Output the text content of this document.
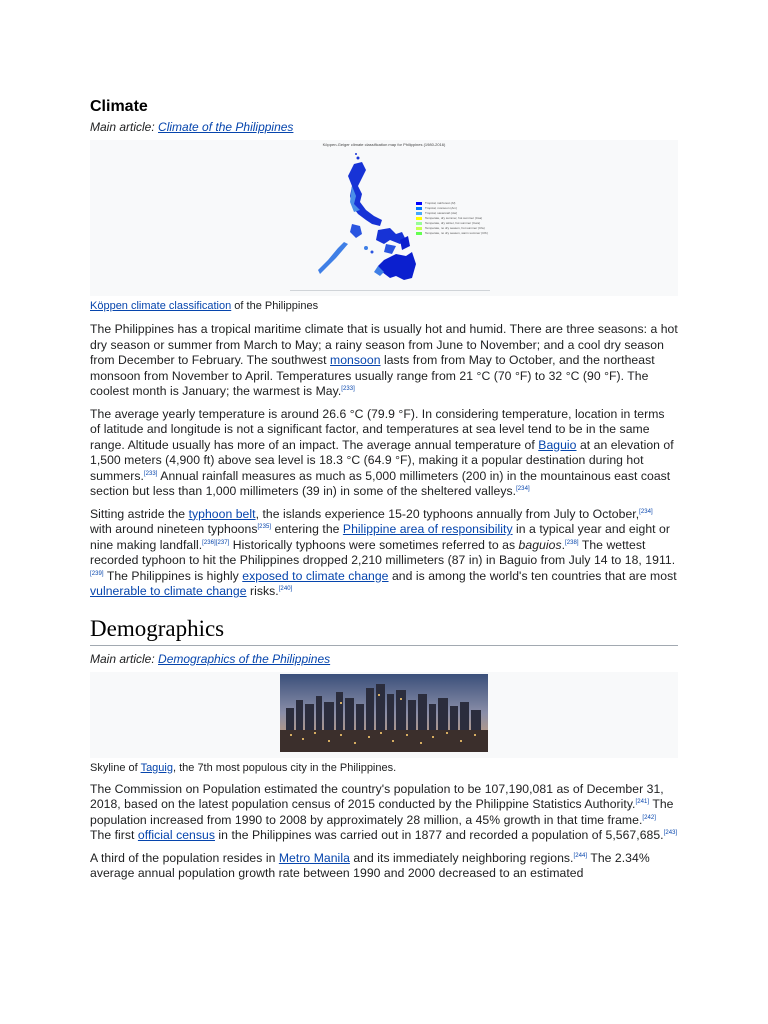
Climate
Main article: Climate of the Philippines
Köppen-Geiger climate classification map for Philippines (1980-2016)
Tropical, rainforest (Af)
Tropical, monsoon (Am)
Tropical, savannah (Aw)
Temperate, dry summer, hot summer (Csa)
Temperate, dry winter, hot summer (Cwa)
Temperate, no dry season, hot summer (Cfa)
Temperate, no dry season, warm summer (Cfb)
Köppen climate classification of the Philippines

The Philippines has a tropical maritime climate that is usually hot and humid. There are three seasons: a hot dry season or summer from March to May; a rainy season from June to November; and a cool dry season from December to February. The southwest monsoon lasts from from May to October, and the northeast monsoon from November to April. Temperatures usually range from 21 °C (70 °F) to 32 °C (90 °F). The coolest month is January; the warmest is May.[233]

The average yearly temperature is around 26.6 °C (79.9 °F). In considering temperature, location in terms of latitude and longitude is not a significant factor, and temperatures at sea level tend to be in the same range. Altitude usually has more of an impact. The average annual temperature of Baguio at an elevation of 1,500 meters (4,900 ft) above sea level is 18.3 °C (64.9 °F), making it a popular destination during hot summers.[233] Annual rainfall measures as much as 5,000 millimeters (200 in) in the mountainous east coast section but less than 1,000 millimeters (39 in) in some of the sheltered valleys.[234]

Sitting astride the typhoon belt, the islands experience 15-20 typhoons annually from July to October,[234] with around nineteen typhoons[235] entering the Philippine area of responsibility in a typical year and eight or nine making landfall.[236][237] Historically typhoons were sometimes referred to as baguios.[238] The wettest recorded typhoon to hit the Philippines dropped 2,210 millimeters (87 in) in Baguio from July 14 to 18, 1911.[239] The Philippines is highly exposed to climate change and is among the world's ten countries that are most vulnerable to climate change risks.[240]

Demographics
Main article: Demographics of the Philippines
Skyline of Taguig, the 7th most populous city in the Philippines.

The Commission on Population estimated the country's population to be 107,190,081 as of December 31, 2018, based on the latest population census of 2015 conducted by the Philippine Statistics Authority.[241] The population increased from 1990 to 2008 by approximately 28 million, a 45% growth in that time frame.[242] The first official census in the Philippines was carried out in 1877 and recorded a population of 5,567,685.[243]

A third of the population resides in Metro Manila and its immediately neighboring regions.[244] The 2.34% average annual population growth rate between 1990 and 2000 decreased to an estimated
